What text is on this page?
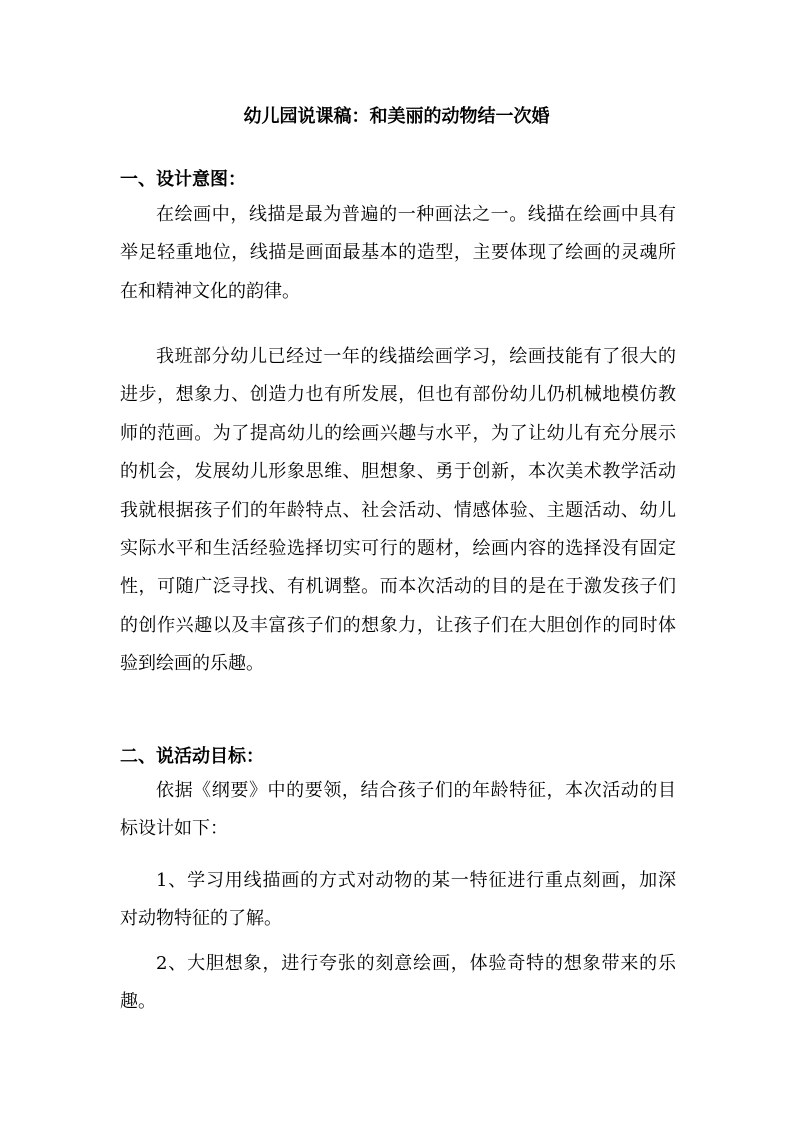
幼儿园说课稿：和美丽的动物结一次婚
一、设计意图：
在绘画中，线描是最为普遍的一种画法之一。线描在绘画中具有
举足轻重地位，线描是画面最基本的造型，主要体现了绘画的灵魂所
在和精神文化的韵律。
我班部分幼儿已经过一年的线描绘画学习，绘画技能有了很大的
进步，想象力、创造力也有所发展，但也有部份幼儿仍机械地模仿教
师的范画。为了提高幼儿的绘画兴趣与水平，为了让幼儿有充分展示
的机会，发展幼儿形象思维、胆想象、勇于创新，本次美术教学活动
我就根据孩子们的年龄特点、社会活动、情感体验、主题活动、幼儿
实际水平和生活经验选择切实可行的题材，绘画内容的选择没有固定
性，可随广泛寻找、有机调整。而本次活动的目的是在于激发孩子们
的创作兴趣以及丰富孩子们的想象力，让孩子们在大胆创作的同时体
验到绘画的乐趣。
二、说活动目标：
依据《纲要》中的要领，结合孩子们的年龄特征，本次活动的目
标设计如下：
1、学习用线描画的方式对动物的某一特征进行重点刻画，加深
对动物特征的了解。
2、大胆想象，进行夸张的刻意绘画，体验奇特的想象带来的乐
趣。
